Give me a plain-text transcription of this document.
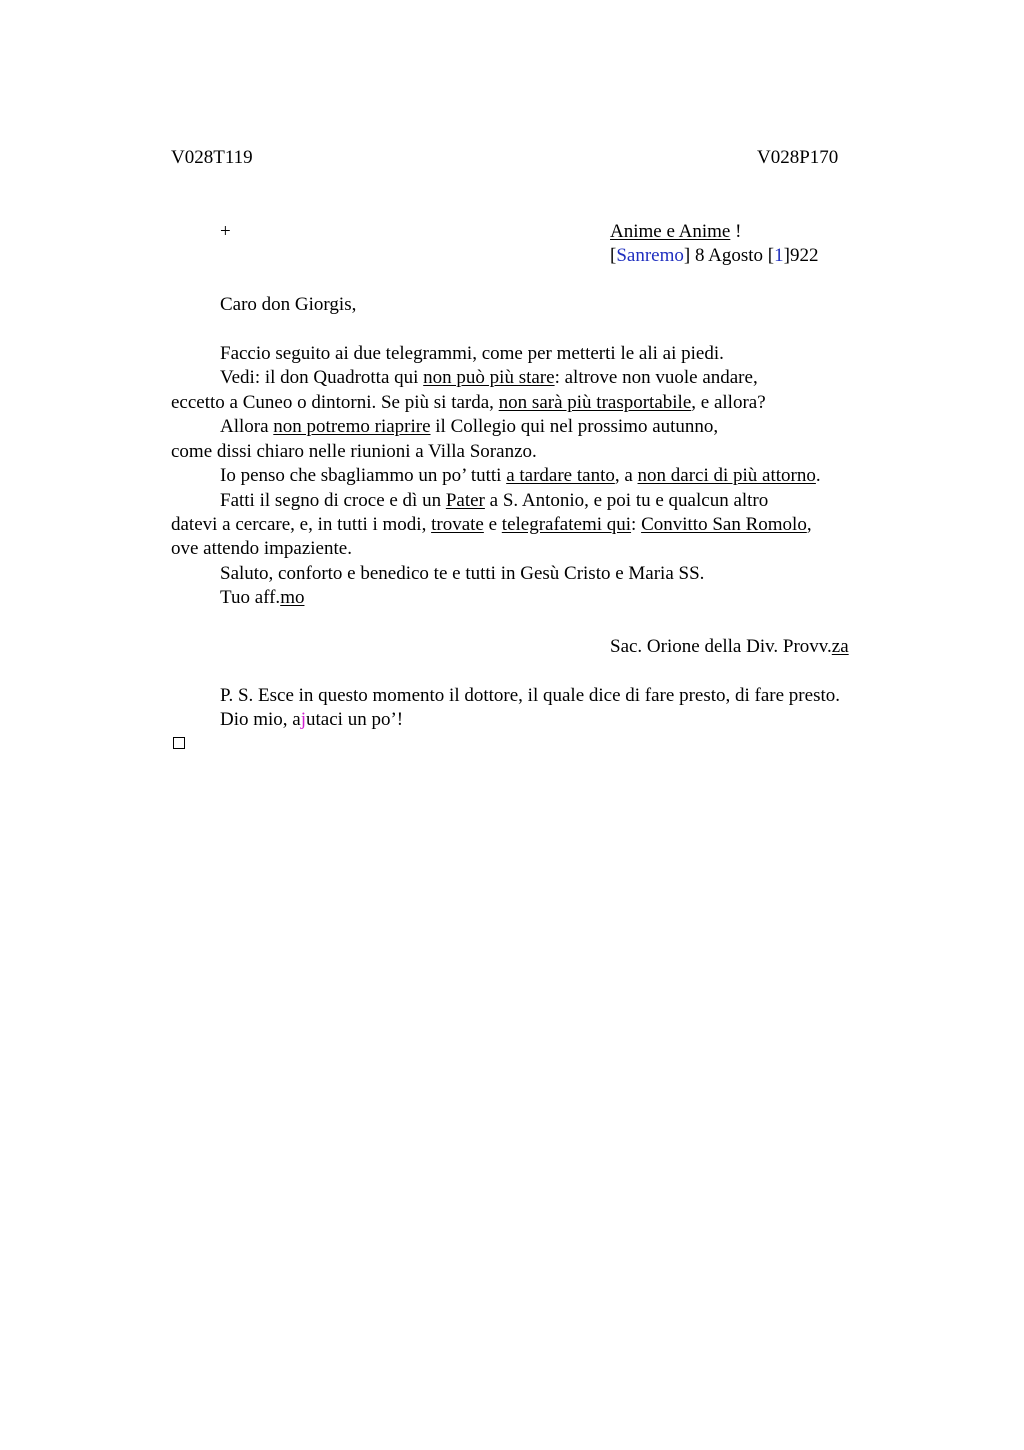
V028T119	V028P170
+	Anime e Anime !
[Sanremo] 8 Agosto [1]922
Caro don Giorgis,
Faccio seguito ai due telegrammi, come per metterti le ali ai piedi.
Vedi: il don Quadrotta qui non può più stare: altrove non vuole andare,
eccetto a Cuneo o dintorni. Se più si tarda, non sarà più trasportabile, e allora?
Allora non potremo riaprire il Collegio qui nel prossimo autunno,
come dissi chiaro nelle riunioni a Villa Soranzo.
Io penso che sbagliammo un po’ tutti a tardare tanto, a non darci di più attorno.
Fatti il segno di croce e dì un Pater a S. Antonio, e poi tu e qualcun altro
datevi a cercare, e, in tutti i modi, trovate e telegrafatemi qui: Convitto San Romolo,
ove attendo impaziente.
Saluto, conforto e benedico te e tutti in Gesù Cristo e Maria SS.
Tuo aff.mo
Sac. Orione della Div. Provv.za
P. S. Esce in questo momento il dottore, il quale dice di fare presto, di fare presto.
Dio mio, ajutaci un po’!
